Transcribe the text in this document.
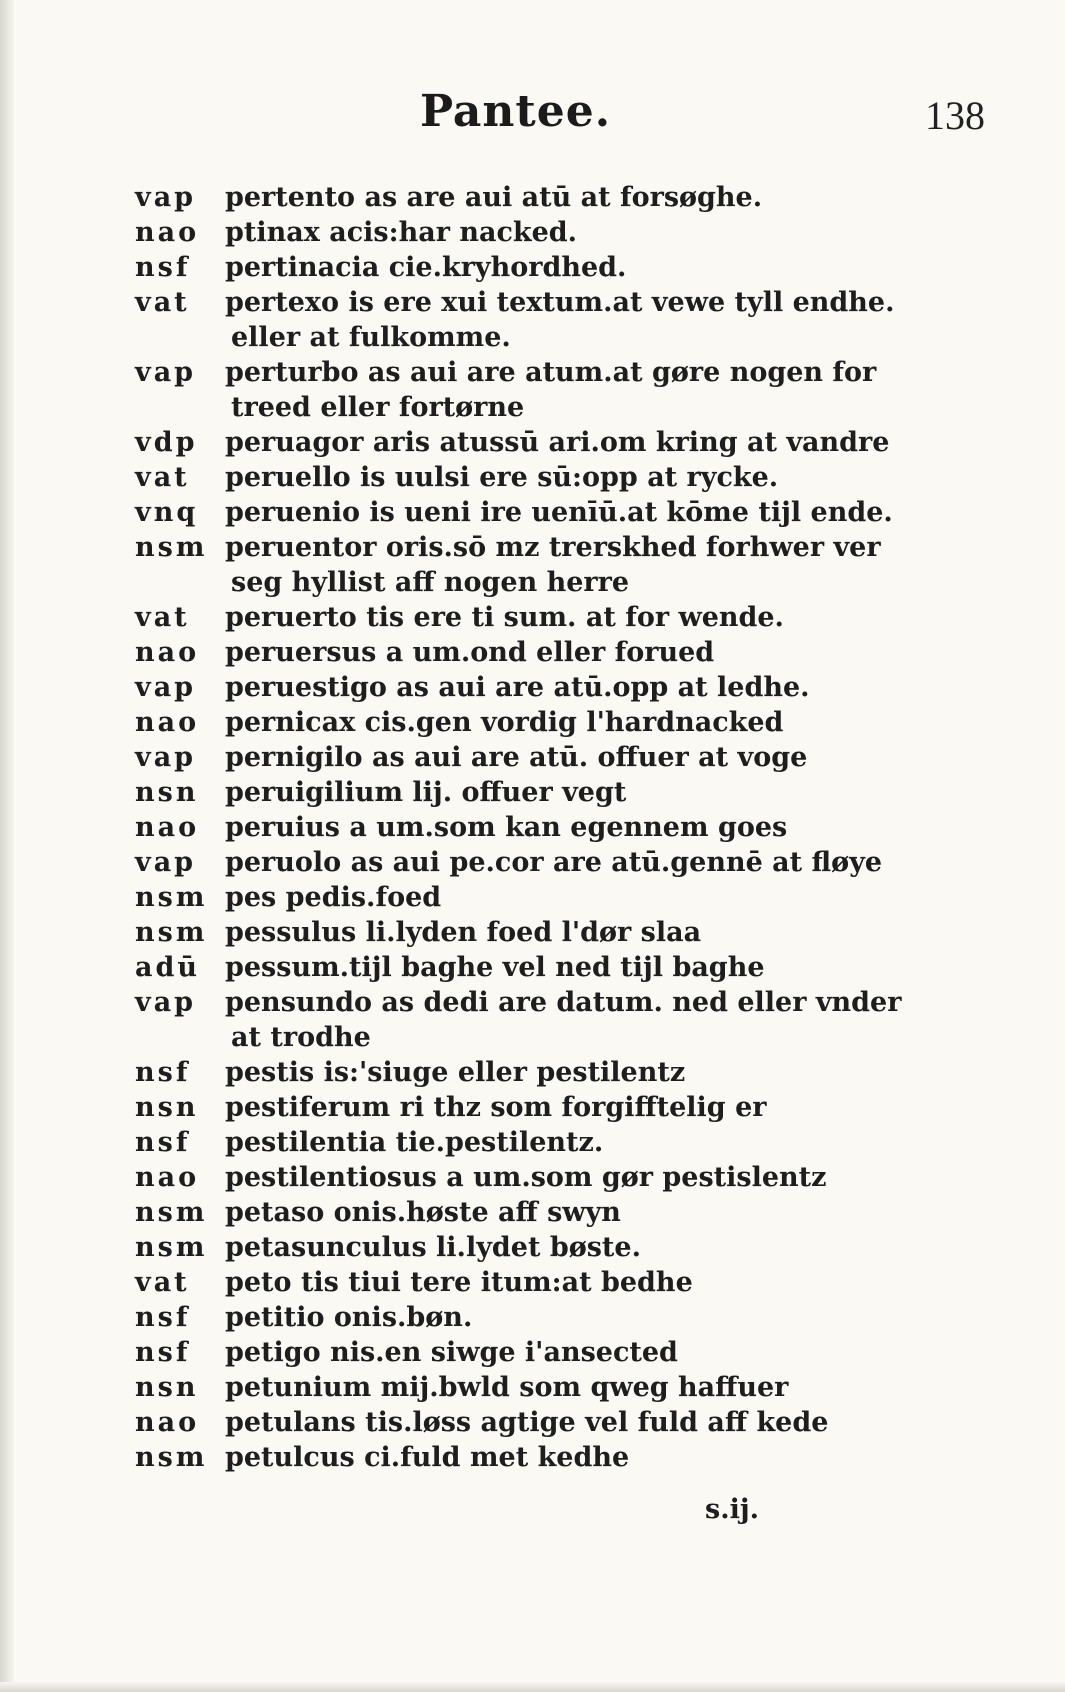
Pantee.	138
vap	pertento as are aui atū at forsøghe.
nao ptinax acis:har nacked.
nsf	pertinacia cie.kryhordhed.
vat	pertexo is ere xui textum.at vewe tyll endhe.
eller at fulkomme.
vap	perturbo as aui are atum.at gøre nogen for
treed eller fortørne
vdp	peruagor aris atussū ari.om kring at vandre
vat	peruello is uulsi ere sū:opp at rycke.
vnq peruenio is ueni ire uenīū.at kōme tijl ende.
nsm peruentor oris.sō mz trerskhed forhwer ver
seg hyllist aff nogen herre
vat	peruerto tis ere ti sum. at for wende.
nao peruersus a um.ond eller forued
vap	peruestigo as aui are atū.opp at ledhe.
nao pernicax cis.gen vordig l'hardnacked
vap	pernigilo as aui are atū. offuer at voge
nsn peruigilium lij. offuer vegt
nao peruius a um.som kan egennem goes
vap	peruolo as aui pe.cor are atū.gennē at fløye
nsm pes pedis.foed
nsm pessulus li.lyden foed l'dør slaa
adū pessum.tijl baghe vel ned tijl baghe
vap	pensundo as dedi are datum. ned eller vnder
at trodhe
nsf	pestis is:'siuge eller pestilentz
nsn pestiferum ri thz som forgifftelig er
nsf	pestilentia tie.pestilentz.
nao pestilentiosus a um.som gør pestislentz
nsm petaso onis.høste aff swyn
nsm petasunculus li.lydet bøste.
vat	peto tis tiui tere itum:at bedhe
nsf	petitio onis.bøn.
nsf	petigo nis.en siwge i'ansected
nsn petunium mij.bwld som qweg haffuer
nao petulans tis.løss agtige vel fuld aff kede
nsm petulcus ci.fuld met kedhe
s.ij.
